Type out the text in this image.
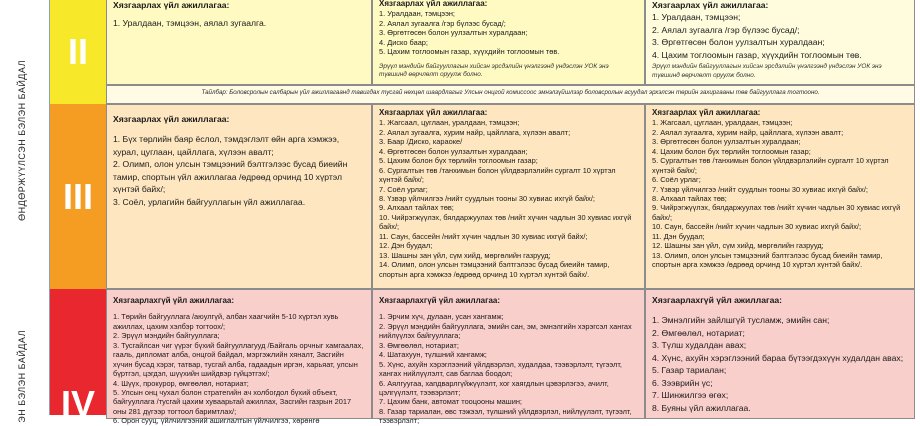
ӨНДӨРЖҮҮЛСЭН БЭЛЭН БАЙДАЛ
ЭН БЭЛЭН БАЙДАЛ
II
III
IV
Хязгаарлах үйл ажиллагаа:
1. Уралдаан, тэмцээн, аялал зугаалга.
Хязгаарлах үйл ажиллагаа:
1. Уралдаан, тэмцээн;
2. Аялал зугаалга /гэр бүлээс бусад/;
3. Өргөтгөсөн болон уулзалтын хуралдаан;
4. Диско баар;
5. Цахим тоглоомын газар, хүүхдийн тоглоомын төв.
Эрүүл мэндийн байгууллагын хийсэн эрсдэлийн үнэлгээнд үндэслэн УОК энэ түвшинд өөрчлөлт оруулж болно.
Хязгаарлах үйл ажиллагаа:
1. Уралдаан, тэмцээн;
2. Аялал зугаалга /гэр бүлээс бусад/;
3. Өргөтгөсөн болон уулзалтын хуралдаан;
4. Цахим тоглоомын газар, хүүхдийн тоглоомын төв.
Эрүүл мэндийн байгууллагын хийсэн эрсдэлийн үнэлгээнд үндэслэн УОК энэ түвшинд өөрчлөлт оруулж болно.
Тайлбар: Боловсролын салбарын үйл ажиллагаанд тавигдах тусгай нөхцөл шаардлагыг Улсын онцгой комиссоос эмнэлзүйшлээр боловсролын асуудал эрхэлсэн төрийн захиргааны төв байгууллага тогтооно.
Хязгаарлах үйл ажиллагаа:
1. Бүх төрлийн баяр ёслол, тэмдэглэлт өйн арга хэмжээ, хурал, цуглаан, цайллага, хүлээн авалт;
2. Олимп, олон улсын тэмцээний бэлтгэлээс бусад биеийн тамир, спортын үйл ажиллагаа /өдрөөд орчинд 10 хүртэл хүнтэй байх/;
3. Соёл, урлагийн байгууллагын үйл ажиллагаа.
Хязгаарлах үйл ажиллагаа:
1. Жагсаал, цуглаан, уралдаан, тэмцээн;
2. Аялал зугаалга, хурим найр, цайллага, хүлээн авалт;
3. Баар /Диско, караоке/
4. Өргөтгөсөн болон уулзалтын хуралдаан;
5. Цахим болон бүх төрлийн тоглоомын газар;
6. Сургалтын төв /танхимын болон үйлдвэрлэлийн сургалт 10 хүртэл хүнтэй байх/;
7. Соёл урлаг;
8. Үзвэр үйлчилгээ /нийт суудлын тооны 30 хувиас ихгүй байх/;
9. Алхаал тайлах төв;
10. Чийрэгжүүлэх, бялдаржуулах төв /нийт хүчин чадлын 30 хувиас ихгүй байх/;
11. Саун, бассейн /нийт хүчин чадлын 30 хувиас ихгүй байх/;
12. Дэн буудал;
13. Шашны зан үйл, сүм хийд, мөргөлийн газрууд;
14. Олимп, олон улсын тэмцээний бэлтгэлээс бусад биеийн тамир, спортын арга хэмжээ /өдрөөд орчинд 10 хүртэл хүнтэй байх/.
Хязгаарлах үйл ажиллагаа:
1. Жагсаал, цуглаан, уралдаан, тэмцээн;
2. Аялал зугаалга, хурим найр, цайллага, хүлээн авалт;
3. Өргөтгөсөн болон уулзалтын хуралдаан;
4. Цахим болон бүх төрлийн тоглоомын газар;
5. Сургалтын төв /танхимын болон үйлдвэрлэлийн сургалт 10 хүртэл хүнтэй байх/;
6. Соёл урлаг;
7. Үзвэр үйлчилгээ /нийт суудлын тооны 30 хувиас ихгүй байх/;
8. Алхаал тайлах төв;
9. Чийрэгжүүлэх, бялдаржуулах төв /нийт хүчин чадлын 30 хувиас ихгүй байх/;
10. Саун, бассейн /нийт хүчин чадлын 30 хувиас ихгүй байх/;
11. Дэн буудал;
12. Шашны зан үйл, сүм хийд, мөргөлийн газрууд;
13. Олимп, олон улсын тэмцээний бэлтгэлээс бусад биеийн тамир, спортын арга хэмжээ /өдрөөд орчинд 10 хүртэл хүнтэй байх/.
Хязгаарлахгүй үйл ажиллагаа:
1. Төрийн байгууллага /аюулгүй, албан хаагчийн 5-10 хүртэл хувь ажиллах, цахим хэлбэр тогтоох/;
2. Эрүүл мэндийн байгууллага;
3. Тусгайлсан чиг үүрэг бүхий байгууллагууд /Байгаль орчныг хамгаалах, гааль, дипломат алба, онцгой байдал, мэргэжлийн хяналт, Засгийн хүчин бусад хэрэг, татвар, тусгай алба, гадаадын иргэн, харьяат, улсын бүртгэл, цэгдэл, шүүхийн шийдвэр гүйцэтгэх/;
4. Шүүх, прокурор, өмгөөлөл, нотариат;
5. Улсын онц чухал болон стратегийн ач холбогдол бүхий объект, байгууллага /тусгай цахим хуваарьтай ажиллах, Засгийн газрын 2017 оны 281 дүгээр тогтоол баримтлах/;
6. Орон сууц, үйлчилгээний ашиглалтын үйлчилгээ, хөрөнгө
Хязгаарлахгүй үйл ажиллагаа:
1. Эрчим хүч, дулаан, усан хангамж;
2. Эрүүл мэндийн байгууллага, эмийн сан, эм, эмнэлгийн хэрэгсэл хангах нийлүүлэх байгууллага;
3. Өмгөөлөл, нотариат;
4. Шатахуун, түлшний хангамж;
5. Хүнс, ахуйн хэрэглээний үйлдвэрлэл, худалдаа, тээвэрлэлт, түгээлт, хангах нийлүүлэлт, сав баглаа боодол;
6. Аялгуугаа, хапдварлгүйжүүлэлт, хог хаягдлын цэвэрлэгээ, ачилт, цэлгүүлэлт, тээвэрлэлт;
7. Цахим банк, автомат тооцооны машин;
8. Газар тариалан, өвс тэжээл, түлшний үйлдвэрлэл, нийлүүлэлт, түгээлт, тээвэрлэлт;
Хязгаарлахгүй үйл ажиллагаа:
1. Эмнэлгийн зайлшгүй тусламж, эмийн сан;
2. Өмгөөлөл, нотариат;
3. Түлш худалдан авах;
4. Хүнс, ахуйн хэрэглээний бараа бүтээгдэхүүн худалдан авах;
5. Газар тариалан;
6. Зээврийн үс;
7. Шинжилгээ өгөх;
8. Буяны үйл ажиллагаа.
